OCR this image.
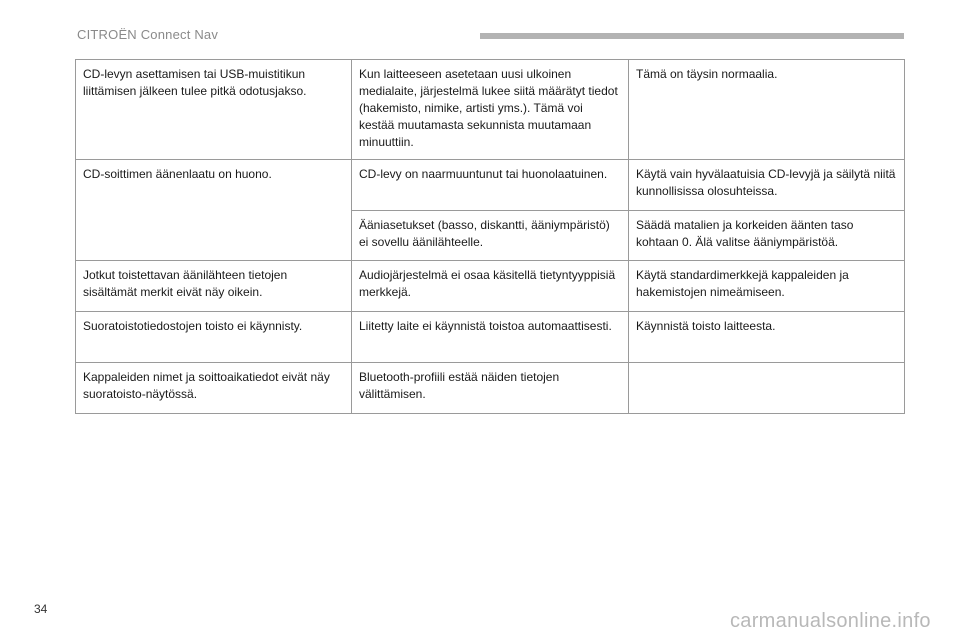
CITROËN Connect Nav
CD-levyn asettamisen tai USB-muistitikun liittämisen jälkeen tulee pitkä odotusjakso.	Kun laitteeseen asetetaan uusi ulkoinen medialaite, järjestelmä lukee siitä määrätyt tiedot (hakemisto, nimike, artisti yms.). Tämä voi kestää muutamasta sekunnista muutamaan minuuttiin.	Tämä on täysin normaalia.
CD-soittimen äänenlaatu on huono.	CD-levy on naarmuuntunut tai huonolaatuinen.	Käytä vain hyvälaatuisia CD-levyjä ja säilytä niitä kunnollisissa olosuhteissa.
	Ääniasetukset (basso, diskantti, ääniympäristö) ei sovellu äänilähteelle.	Säädä matalien ja korkeiden äänten taso kohtaan 0. Älä valitse ääniympäristöä.
Jotkut toistettavan äänilähteen tietojen sisältämät merkit eivät näy oikein.	Audiojärjestelmä ei osaa käsitellä tietyntyyppisiä merkkejä.	Käytä standardimerkkejä kappaleiden ja hakemistojen nimeämiseen.
Suoratoistotiedostojen toisto ei käynnisty.	Liitetty laite ei käynnistä toistoa automaattisesti.	Käynnistä toisto laitteesta.
Kappaleiden nimet ja soittoaikatiedot eivät näy suoratoisto-näytössä.	Bluetooth-profiili estää näiden tietojen välittämisen.	
34
carmanualsonline.info
